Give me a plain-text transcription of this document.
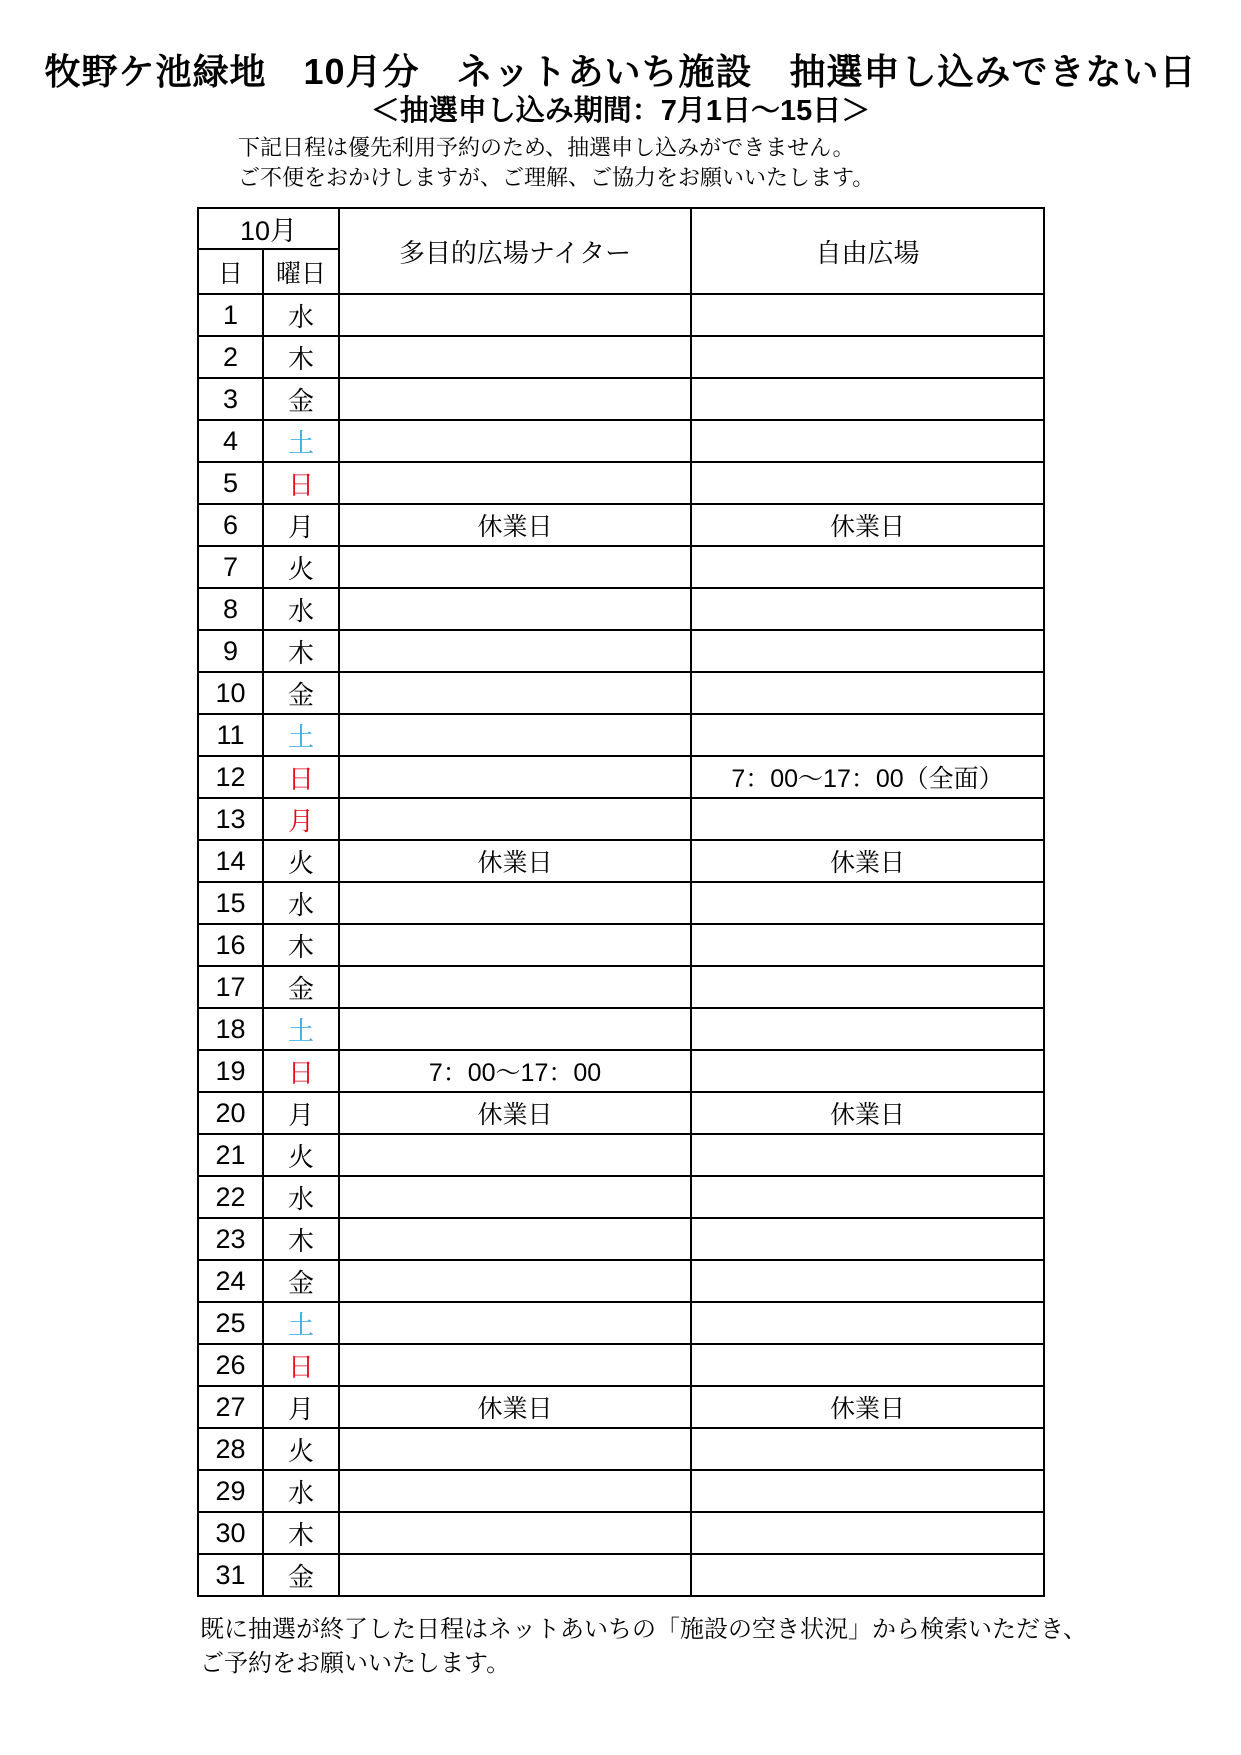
牧野ケ池緑地　10月分　ネットあいち施設　抽選申し込みできない日
＜抽選申し込み期間：7月1日～15日＞
下記日程は優先利用予約のため、抽選申し込みができません。
ご不便をおかけしますが、ご理解、ご協力をお願いいたします。
10月		多目的広場ナイター	自由広場
日	曜日		
1	水		
2	木		
3	金		
4	土		
5	日		
6	月	休業日	休業日
7	火		
8	水		
9	木		
10	金		
11	土		
12	日		7：00～17：00（全面）
13	月		
14	火	休業日	休業日
15	水		
16	木		
17	金		
18	土		
19	日	7：00～17：00	
20	月	休業日	休業日
21	火		
22	水		
23	木		
24	金		
25	土		
26	日		
27	月	休業日	休業日
28	火		
29	水		
30	木		
31	金		
既に抽選が終了した日程はネットあいちの「施設の空き状況」から検索いただき、
ご予約をお願いいたします。
